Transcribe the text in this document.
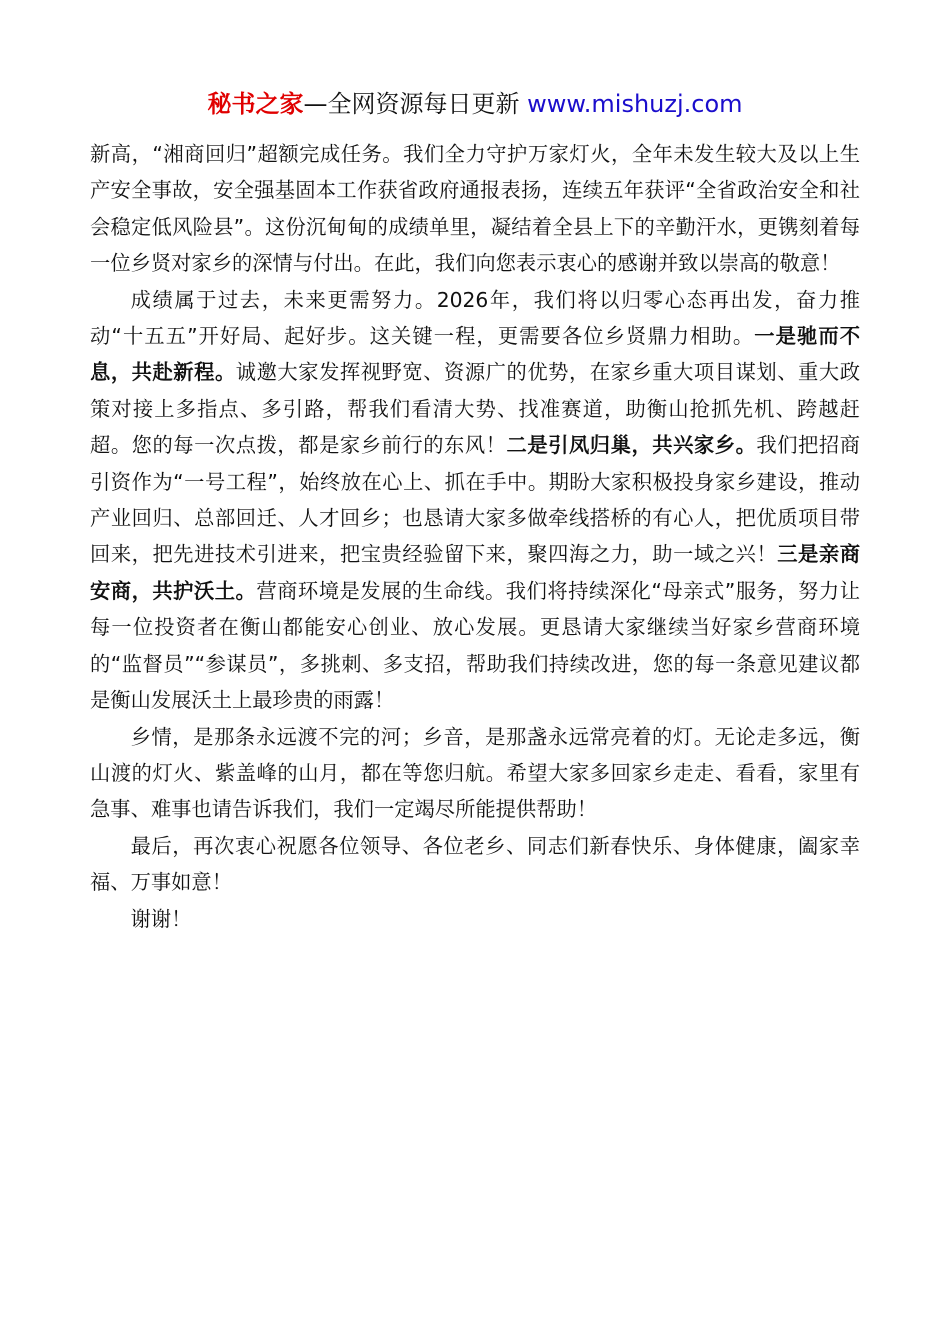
秘书之家—全网资源每日更新 www.mishuzj.com

新高，“湘商回归”超额完成任务。我们全力守护万家灯火，全年未发生较大及以上生产安全事故，安全强基固本工作获省政府通报表扬，连续五年获评“全省政治安全和社会稳定低风险县”。这份沉甸甸的成绩单里，凝结着全县上下的辛勤汗水，更镌刻着每一位乡贤对家乡的深情与付出。在此，我们向您表示衷心的感谢并致以崇高的敬意！

成绩属于过去，未来更需努力。2026年，我们将以归零心态再出发，奋力推动“十五五”开好局、起好步。这关键一程，更需要各位乡贤鼎力相助。一是驰而不息，共赴新程。诚邀大家发挥视野宽、资源广的优势，在家乡重大项目谋划、重大政策对接上多指点、多引路，帮我们看清大势、找准赛道，助衡山抢抓先机、跨越赶超。您的每一次点拨，都是家乡前行的东风！二是引凤归巢，共兴家乡。我们把招商引资作为“一号工程”，始终放在心上、抓在手中。期盼大家积极投身家乡建设，推动产业回归、总部回迁、人才回乡；也恳请大家多做牵线搭桥的有心人，把优质项目带回来，把先进技术引进来，把宝贵经验留下来，聚四海之力，助一域之兴！三是亲商安商，共护沃土。营商环境是发展的生命线。我们将持续深化“母亲式”服务，努力让每一位投资者在衡山都能安心创业、放心发展。更恳请大家继续当好家乡营商环境的“监督员”“参谋员”，多挑刺、多支招，帮助我们持续改进，您的每一条意见建议都是衡山发展沃土上最珍贵的雨露！

乡情，是那条永远渡不完的河；乡音，是那盏永远常亮着的灯。无论走多远，衡山渡的灯火、紫盖峰的山月，都在等您归航。希望大家多回家乡走走、看看，家里有急事、难事也请告诉我们，我们一定竭尽所能提供帮助！

最后，再次衷心祝愿各位领导、各位老乡、同志们新春快乐、身体健康，阖家幸福、万事如意！

谢谢！
